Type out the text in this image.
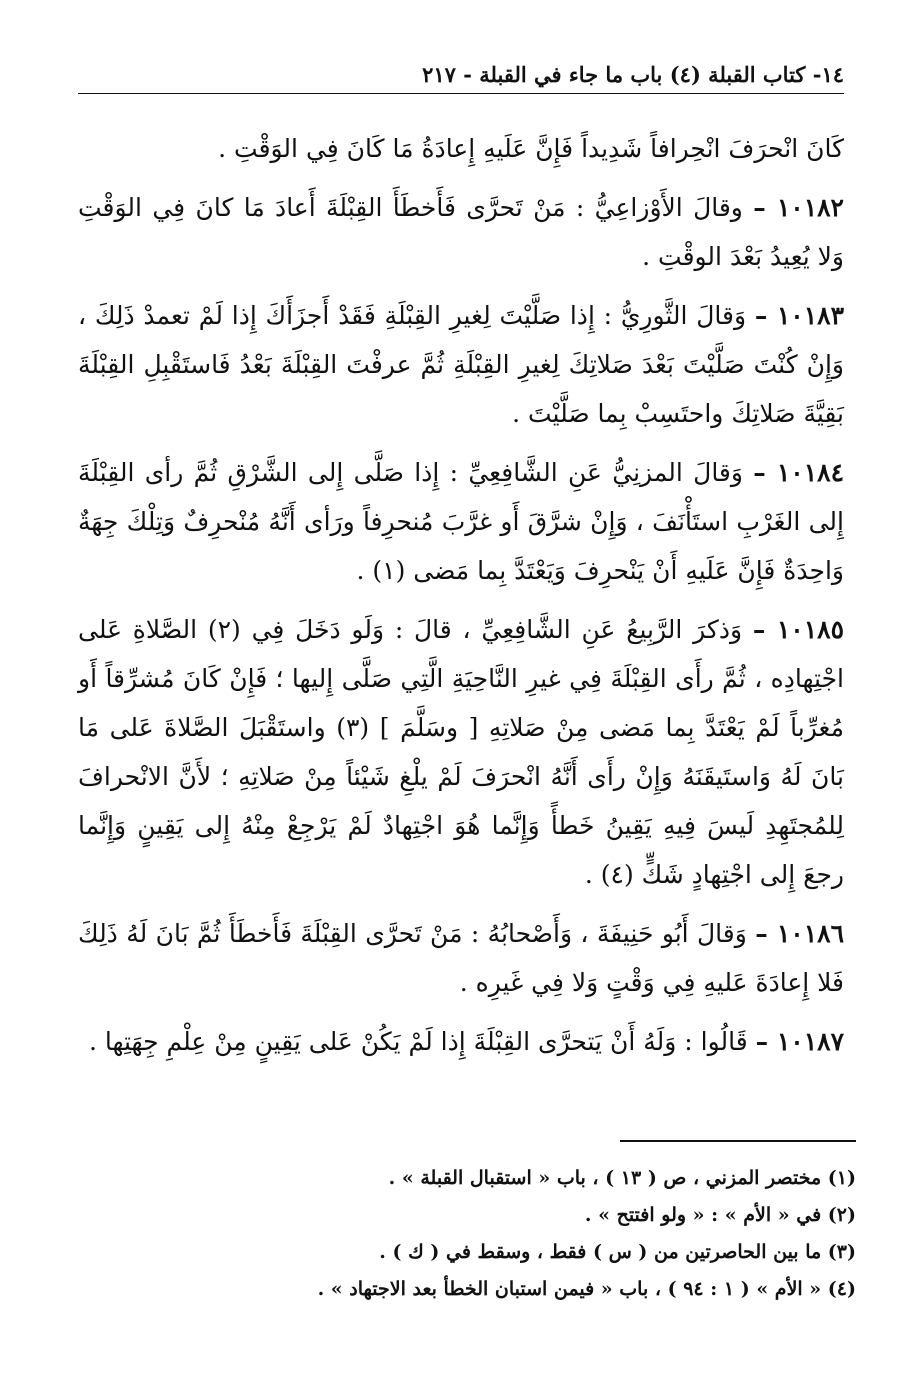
١٤- كتاب القبلة (٤) باب ما جاء في القبلة - ٢١٧

كَانَ انْحرَفَ انْحِرافاً شَدِيداً فَإِنَّ عَلَيهِ إِعادَةُ مَا كَانَ فِي الوَقْتِ .

١٠١٨٢ – وقالَ الأَوْزاعِيُّ : مَنْ تَحرَّى فَأَخطَأَ القِبْلَةَ أَعادَ مَا كانَ فِي الوَقْتِ وَلا يُعِيدُ بَعْدَ الوقْتِ .

١٠١٨٣ – وَقالَ الثَّورِيُّ : إِذا صَلَّيْتَ لِغيرِ القِبْلَةِ فَقَدْ أَجزَأَكَ إِذا لَمْ تعمدْ ذَلِكَ ، وَإِنْ كُنْتَ صَلَّيْتَ بَعْدَ صَلاتِكَ لِغيرِ القِبْلَةِ ثُمَّ عرفْتَ القِبْلَةَ بَعْدُ فَاستَقْبِلِ القِبْلَةَ بَقِيَّةَ صَلاتِكَ واحتَسِبْ بِما صَلَّيْتَ .

١٠١٨٤ – وَقالَ المزنِيُّ عَنِ الشَّافِعِيِّ : إِذا صَلَّى إِلى الشَّرْقِ ثُمَّ رأى القِبْلَةَ إِلى الغَرْبِ استَأْنَفَ ، وَإِنْ شرَّقَ أَو غرَّبَ مُنحرِفاً ورَأى أَنَّهُ مُنْحرِفٌ وَتِلْكَ جِهَةٌ وَاحِدَةٌ فَإِنَّ عَلَيهِ أَنْ يَنْحرِفَ وَيَعْتَدَّ بِما مَضى (١) .

١٠١٨٥ – وَذكرَ الرَّبِيعُ عَنِ الشَّافِعِيِّ ، قالَ : وَلَو دَخَلَ فِي (٢) الصَّلاةِ عَلى اجْتِهادِه ، ثُمَّ رأَى القِبْلَةَ فِي غيرِ النَّاحِيَةِ الَّتِي صَلَّى إِليها ؛ فَإِنْ كَانَ مُشرِّقاً أَو مُغرِّباً لَمْ يَعْتَدَّ بِما مَضى مِنْ صَلاتِهِ [ وسَلَّمَ ] (٣) واستَقْبَلَ الصَّلاةَ عَلى مَا بَانَ لَهُ وَاستَيقَنَهُ وَإِنْ رأَى أَنَّهُ انْحرَفَ لَمْ يلْغِ شَيْئاً مِنْ صَلاتِهِ ؛ لأَنَّ الانْحرافَ لِلمُجتَهِدِ لَيسَ فِيهِ يَقِينُ خَطأً وَإِنَّما هُوَ اجْتِهادٌ لَمْ يَرْجِعْ مِنْهُ إِلى يَقِينٍ وَإِنَّما رجعَ إِلى اجْتِهادٍ شَكٍّ (٤) .

١٠١٨٦ – وَقالَ أَبُو حَنِيفَةَ ، وَأَصْحابُهُ : مَنْ تَحرَّى القِبْلَةَ فَأَخطَأَ ثُمَّ بَانَ لَهُ ذَلِكَ فَلا إِعادَةَ عَليهِ فِي وَقْتٍ وَلا فِي غَيرِه .

١٠١٨٧ – قَالُوا : وَلَهُ أَنْ يَتحرَّى القِبْلَةَ إِذا لَمْ يَكُنْ عَلى يَقِينٍ مِنْ عِلْمِ جِهَتِها .

(١) مختصر المزني ، ص ( ١٣ ) ، باب « استقبال القبلة » .
(٢) في « الأم » : « ولو افتتح » .
(٣) ما بين الحاصرتين من ( س ) فقط ، وسقط في ( ك ) .
(٤) « الأم » ( ١ : ٩٤ ) ، باب « فيمن استبان الخطأ بعد الاجتهاد » .
